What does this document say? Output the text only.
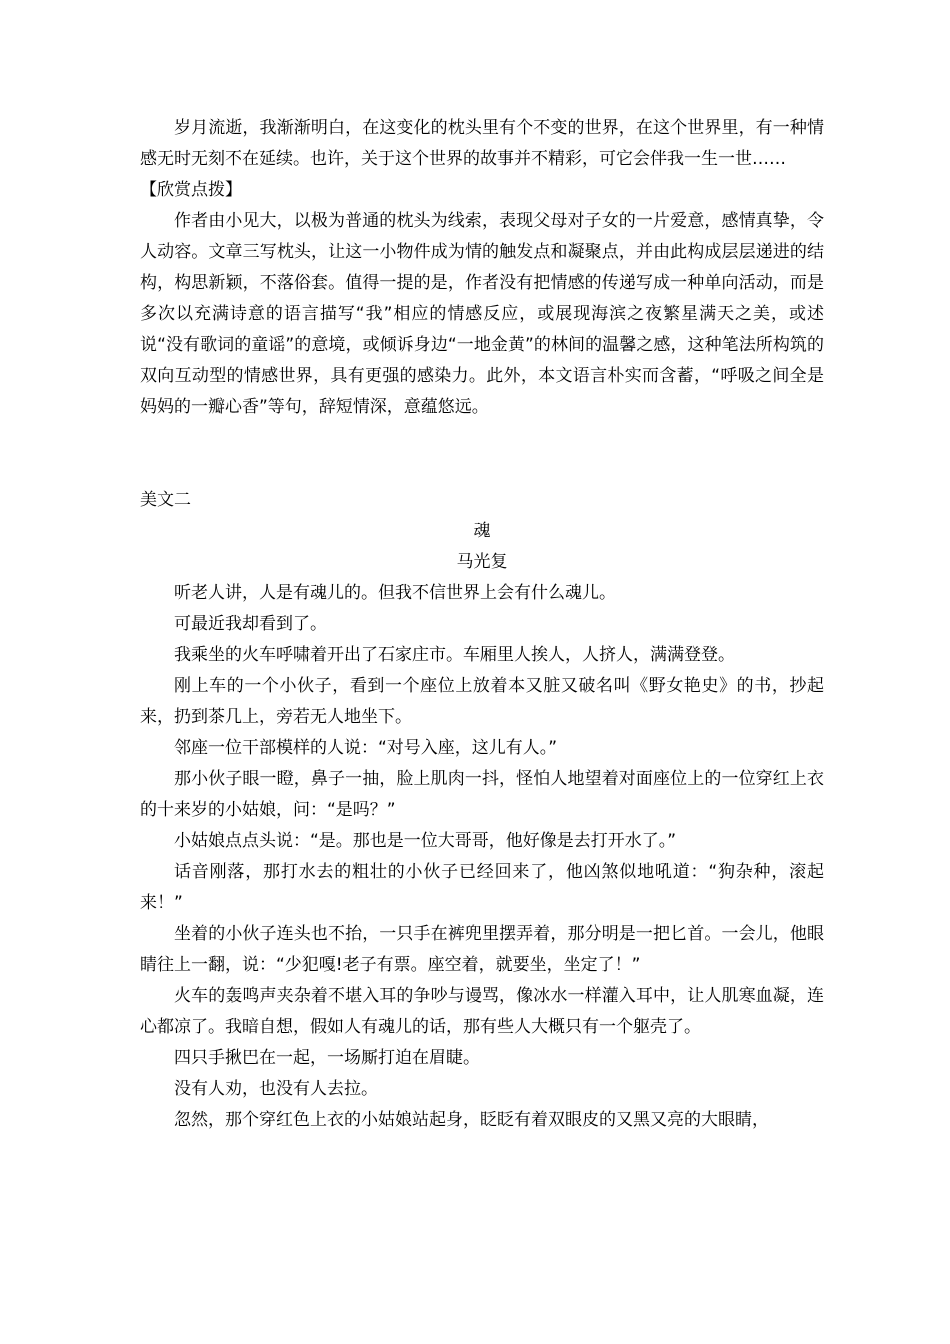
岁月流逝，我渐渐明白，在这变化的枕头里有个不变的世界，在这个世界里，有一种情感无时无刻不在延续。也许，关于这个世界的故事并不精彩，可它会伴我一生一世……

【欣赏点拨】

作者由小见大，以极为普通的枕头为线索，表现父母对子女的一片爱意，感情真挚，令人动容。文章三写枕头，让这一小物件成为情的触发点和凝聚点，并由此构成层层递进的结构，构思新颖，不落俗套。值得一提的是，作者没有把情感的传递写成一种单向活动，而是多次以充满诗意的语言描写“我”相应的情感反应，或展现海滨之夜繁星满天之美，或述说“没有歌词的童谣”的意境，或倾诉身边“一地金黄”的林间的温馨之感，这种笔法所构筑的双向互动型的情感世界，具有更强的感染力。此外，本文语言朴实而含蓄，“呼吸之间全是妈妈的一瓣心香”等句，辞短情深，意蕴悠远。

美文二
魂
马光复

听老人讲，人是有魂儿的。但我不信世界上会有什么魂儿。

可最近我却看到了。

我乘坐的火车呼啸着开出了石家庄市。车厢里人挨人，人挤人，满满登登。

刚上车的一个小伙子，看到一个座位上放着本又脏又破名叫《野女艳史》的书，抄起来，扔到茶几上，旁若无人地坐下。

邻座一位干部模样的人说：“对号入座，这儿有人。”

那小伙子眼一瞪，鼻子一抽，脸上肌肉一抖，怪怕人地望着对面座位上的一位穿红上衣的十来岁的小姑娘，问：“是吗？”

小姑娘点点头说：“是。那也是一位大哥哥，他好像是去打开水了。”

话音刚落，那打水去的粗壮的小伙子已经回来了，他凶煞似地吼道：“狗杂种，滚起来！”

坐着的小伙子连头也不抬，一只手在裤兜里摆弄着，那分明是一把匕首。一会儿，他眼睛往上一翻，说：“少犯嘎!老子有票。座空着，就要坐，坐定了！”

火车的轰鸣声夹杂着不堪入耳的争吵与谩骂，像冰水一样灌入耳中，让人肌寒血凝，连心都凉了。我暗自想，假如人有魂儿的话，那有些人大概只有一个躯壳了。

四只手揪巴在一起，一场厮打迫在眉睫。

没有人劝，也没有人去拉。

忽然，那个穿红色上衣的小姑娘站起身，眨眨有着双眼皮的又黑又亮的大眼睛，
